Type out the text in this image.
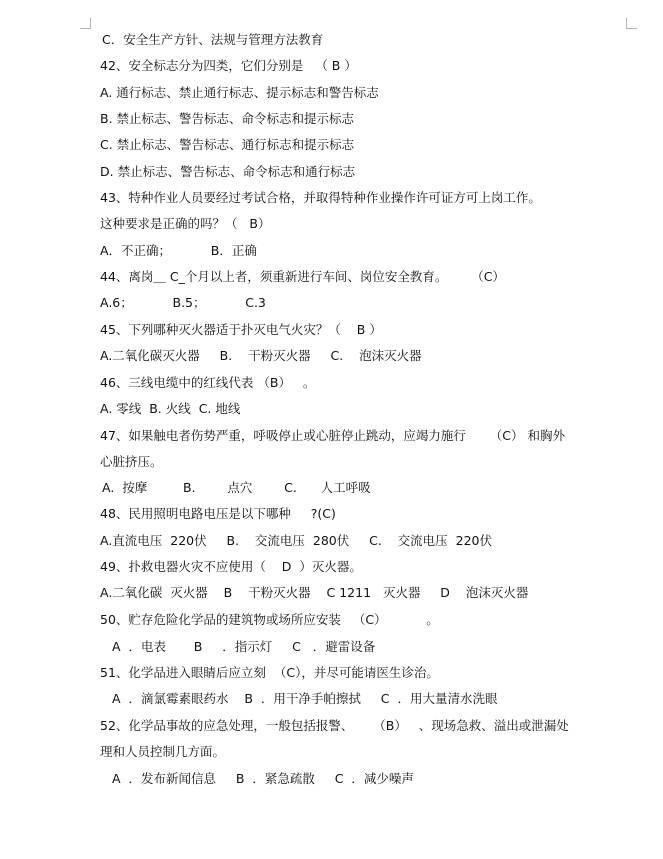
C．安全生产方针、法规与管理方法教育
42、安全标志分为四类，它们分别是   （ B ）
A. 通行标志、禁止通行标志、提示标志和警告标志
B. 禁止标志、警告标志、命令标志和提示标志
C. 禁止标志、警告标志、通行标志和提示标志
D. 禁止标志、警告标志、命令标志和通行标志
43、特种作业人员要经过考试合格，并取得特种作业操作许可证方可上岗工作。
这种要求是正确的吗？（   B）
A．不正确；          B．正确
44、离岗＿ C_个月以上者，须重新进行车间、岗位安全教育。      （C）
A.6；          B.5；          C.3
45、下列哪种灭火器适于扑灭电气火灾？（    B ）
A.二氧化碳灭火器     B.    干粉灭火器     C.    泡沫灭火器
46、三线电缆中的红线代表 （B）   。
A. 零线  B. 火线  C. 地线
47、如果触电者伤势严重，呼吸停止或心脏停止跳动，应竭力施行      （C） 和胸外
心脏挤压。
A.  按摩         B.        点穴        C.      人工呼吸
48、民用照明电路电压是以下哪种     ?(C)
A.直流电压  220伏     B.    交流电压  280伏     C.    交流电压  220伏
49、扑救电器火灾不应使用（    D  ）灭火器。
A.二氧化碳  灭火器    B    干粉灭火器    C 1211   灭火器     D    泡沫灭火器
50、贮存危险化学品的建筑物或场所应安装   （C）          。
A  ．电表       B     ．指示灯     C   ．避雷设备
51、化学品进入眼睛后应立刻  （C），并尽可能请医生诊治。
A  ．滴氯霉素眼药水    B  ．用干净手帕擦拭     C  ．用大量清水洗眼
52、化学品事故的应急处理，一般包括报警、     （B）   、现场急救、溢出或泄漏处
理和人员控制几方面。
A  ．发布新闻信息     B  ．紧急疏散     C  ．减少噪声
